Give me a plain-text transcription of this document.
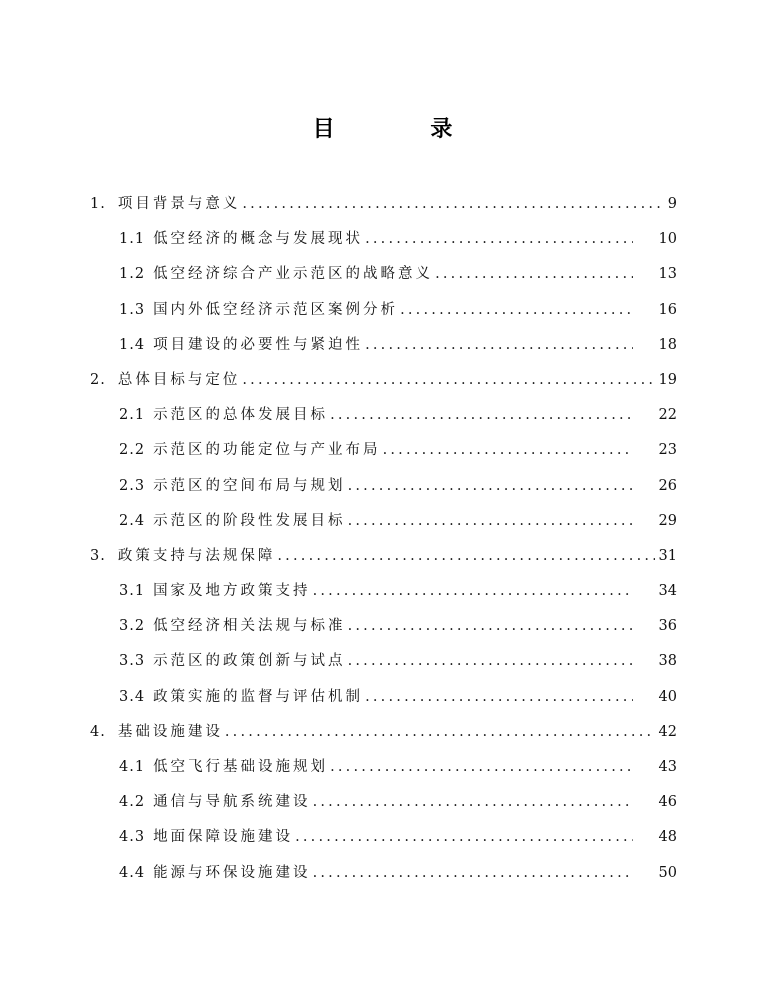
目 录
1. 项目背景与意义 .....	9
1.1 低空经济的概念与发展现状 .....	10
1.2 低空经济综合产业示范区的战略意义 .....	13
1.3 国内外低空经济示范区案例分析 .....	16
1.4 项目建设的必要性与紧迫性 .....	18
2. 总体目标与定位 .....	19
2.1 示范区的总体发展目标 .....	22
2.2 示范区的功能定位与产业布局 .....	23
2.3 示范区的空间布局与规划 .....	26
2.4 示范区的阶段性发展目标 .....	29
3. 政策支持与法规保障 .....	31
3.1 国家及地方政策支持 .....	34
3.2 低空经济相关法规与标准 .....	36
3.3 示范区的政策创新与试点 .....	38
3.4 政策实施的监督与评估机制 .....	40
4. 基础设施建设 .....	42
4.1 低空飞行基础设施规划 .....	43
4.2 通信与导航系统建设 .....	46
4.3 地面保障设施建设 .....	48
4.4 能源与环保设施建设 .....	50
